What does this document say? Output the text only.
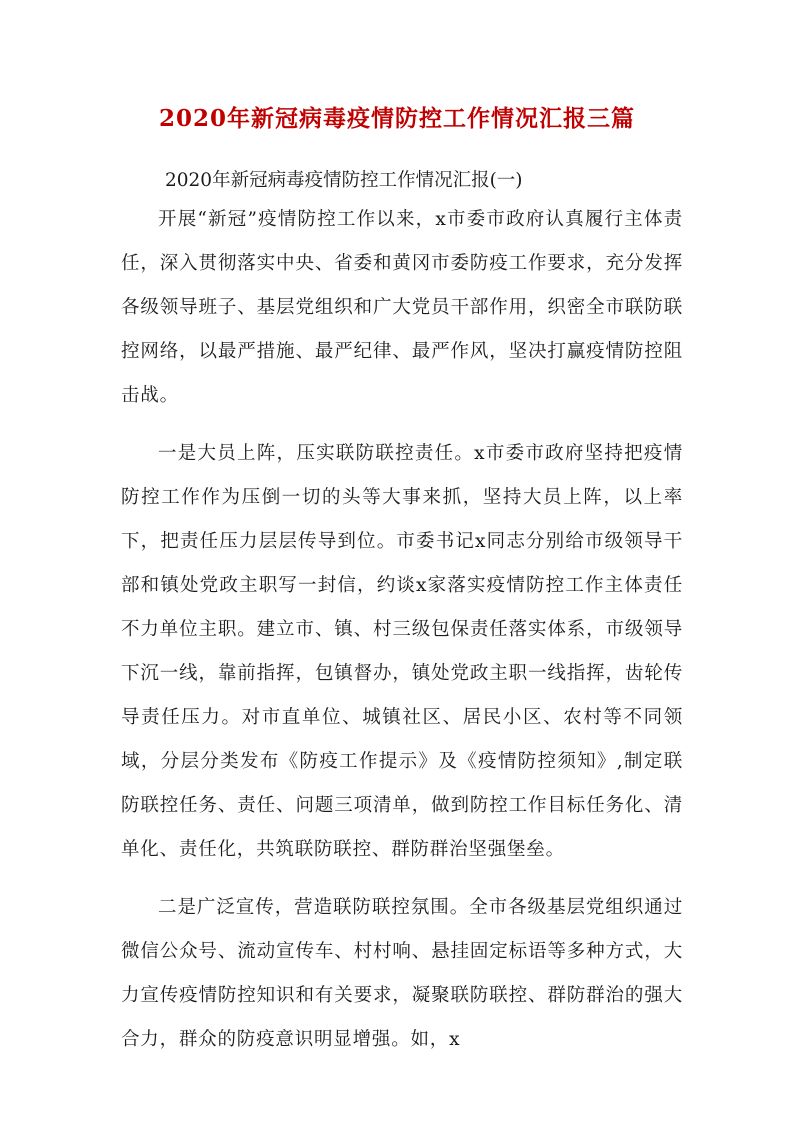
2020年新冠病毒疫情防控工作情况汇报三篇
2020年新冠病毒疫情防控工作情况汇报(一)

开展“新冠”疫情防控工作以来，x市委市政府认真履行主体责任，深入贯彻落实中央、省委和黄冈市委防疫工作要求，充分发挥各级领导班子、基层党组织和广大党员干部作用，织密全市联防联控网络，以最严措施、最严纪律、最严作风，坚决打赢疫情防控阻击战。

一是大员上阵，压实联防联控责任。x市委市政府坚持把疫情防控工作作为压倒一切的头等大事来抓，坚持大员上阵，以上率下，把责任压力层层传导到位。市委书记x同志分别给市级领导干部和镇处党政主职写一封信，约谈x家落实疫情防控工作主体责任不力单位主职。建立市、镇、村三级包保责任落实体系，市级领导下沉一线，靠前指挥，包镇督办，镇处党政主职一线指挥，齿轮传导责任压力。对市直单位、城镇社区、居民小区、农村等不同领域，分层分类发布《防疫工作提示》及《疫情防控须知》,制定联防联控任务、责任、问题三项清单，做到防控工作目标任务化、清单化、责任化，共筑联防联控、群防群治坚强堡垒。

二是广泛宣传，营造联防联控氛围。全市各级基层党组织通过微信公众号、流动宣传车、村村响、悬挂固定标语等多种方式，大力宣传疫情防控知识和有关要求，凝聚联防联控、群防群治的强大合力，群众的防疫意识明显增强。如，x
